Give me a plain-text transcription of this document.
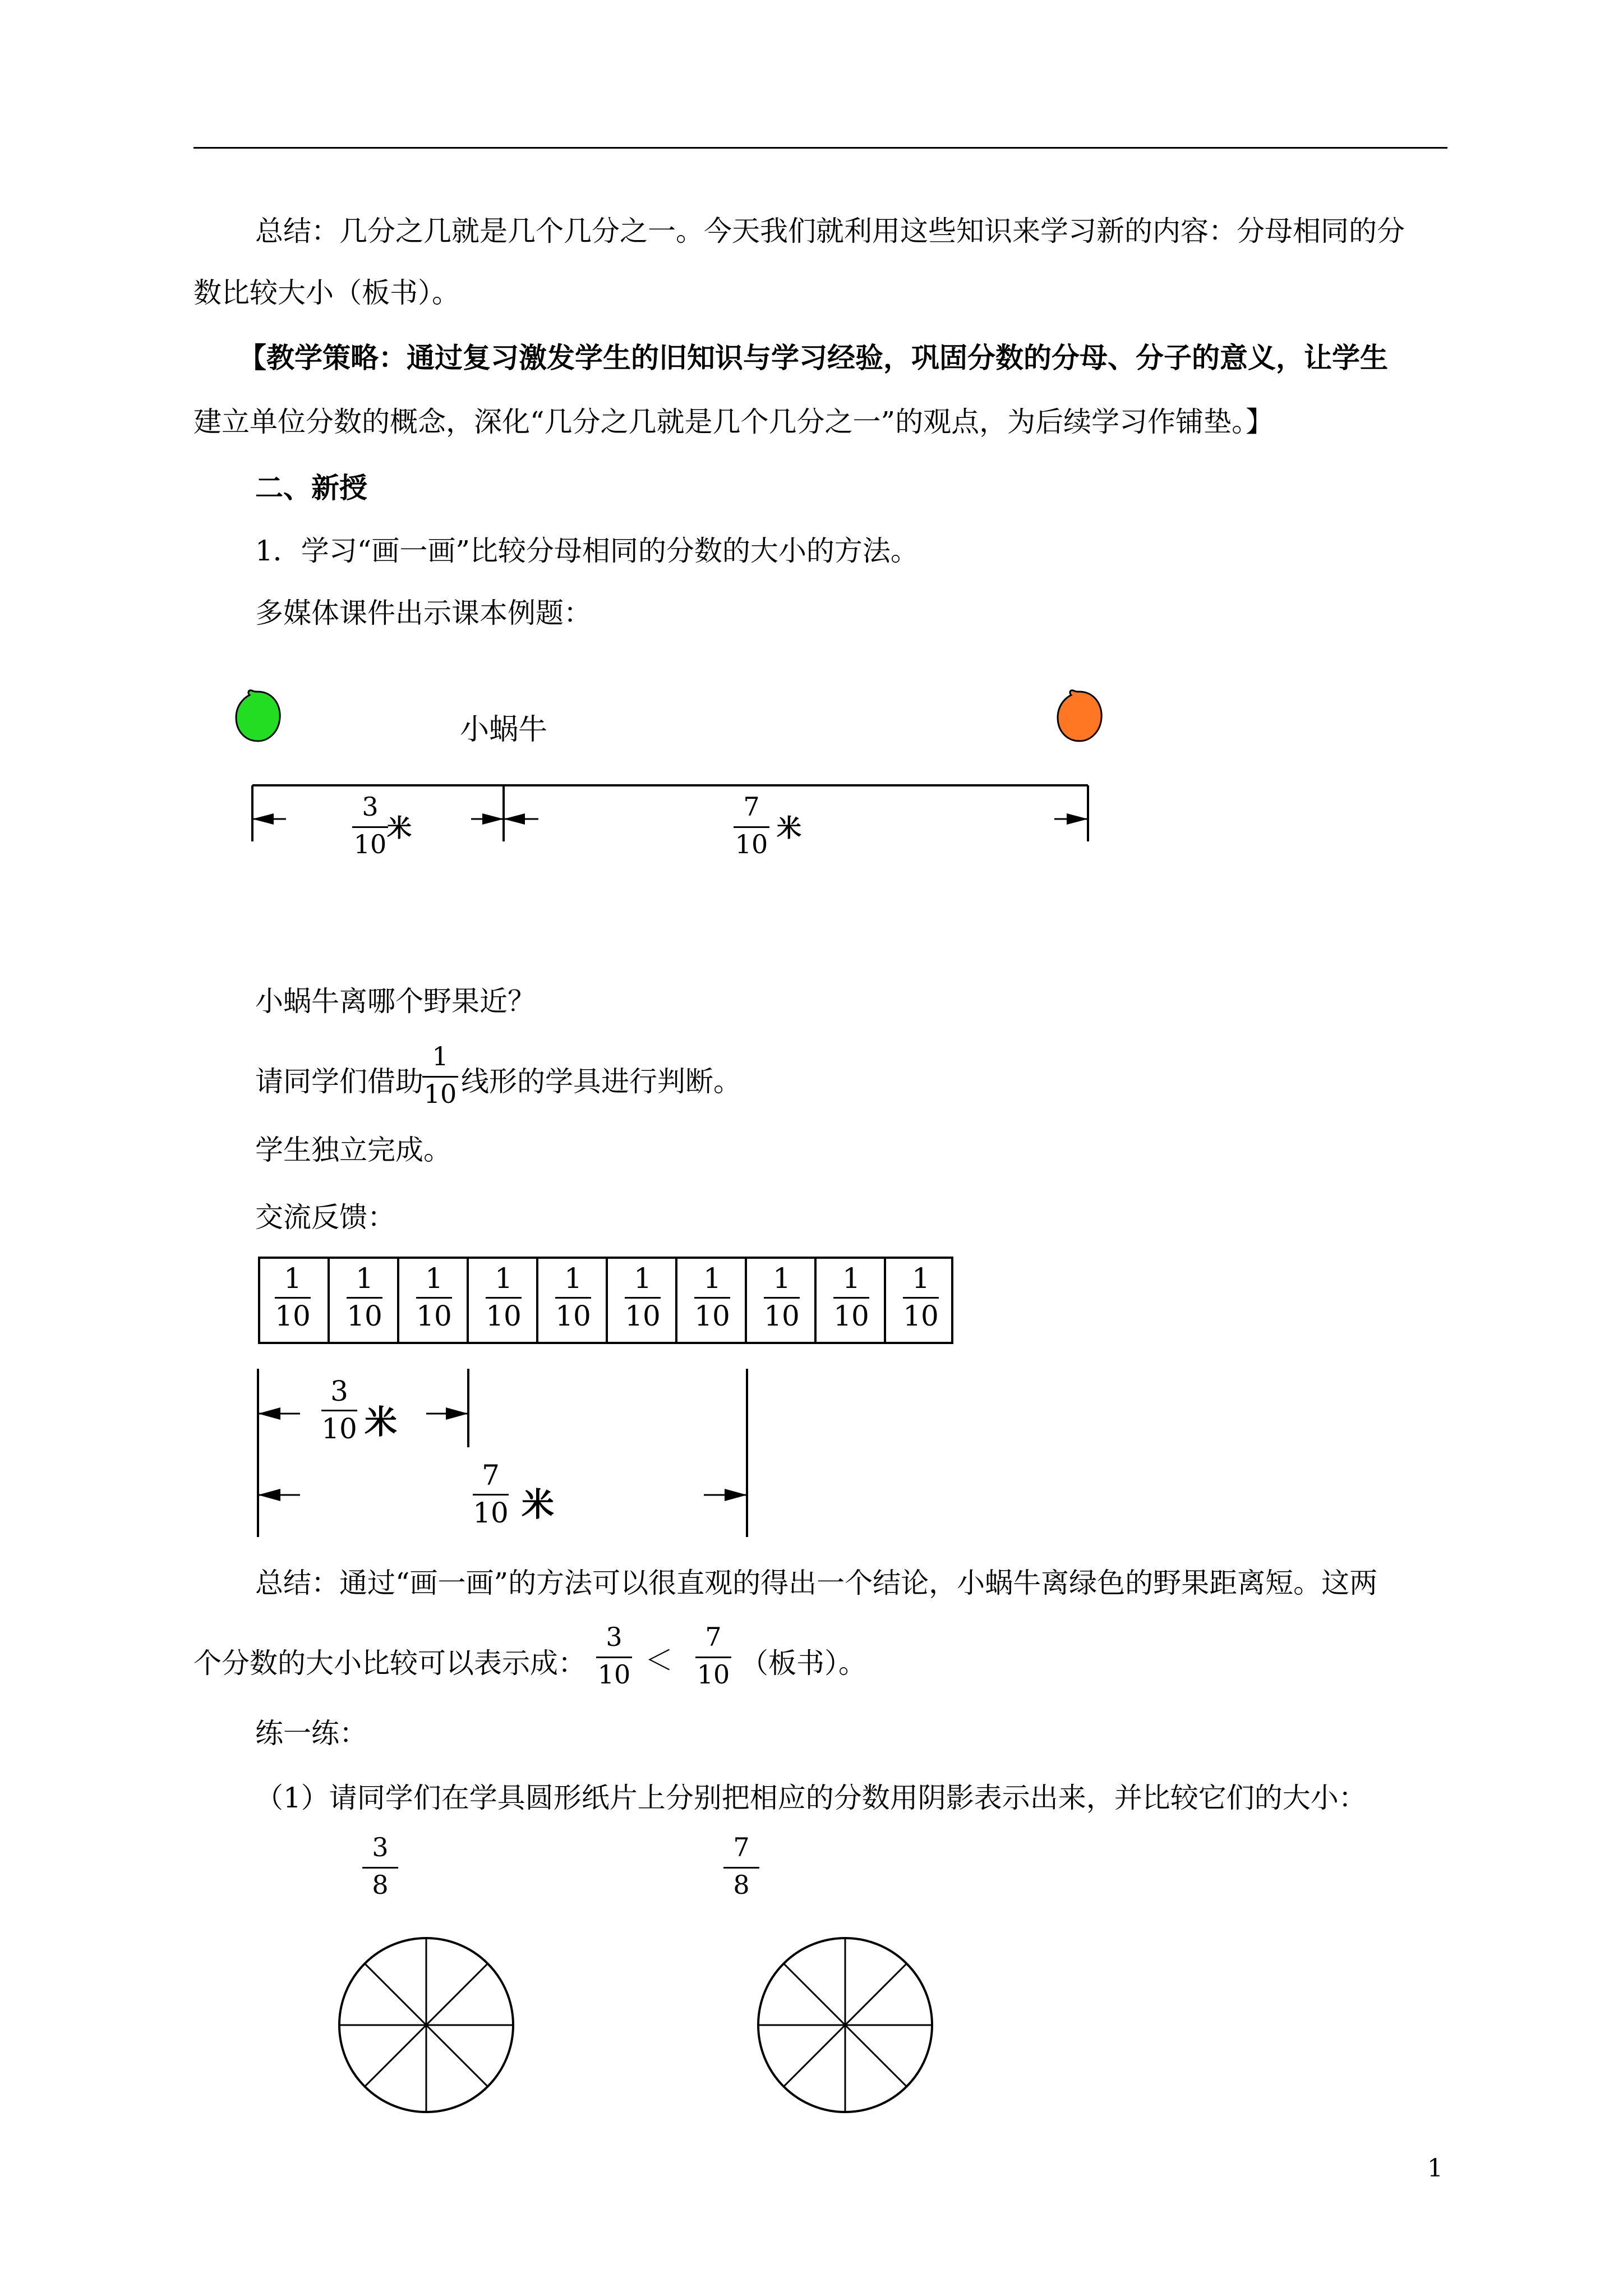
总结：几分之几就是几个几分之一。今天我们就利用这些知识来学习新的内容：分母相同的分
数比较大小（板书）。
【教学策略：通过复习激发学生的旧知识与学习经验，巩固分数的分母、分子的意义，让学生
建立单位分数的概念，深化“几分之几就是几个几分之一”的观点，为后续学习作铺垫。】
二、新授
1．学习“画一画”比较分母相同的分数的大小的方法。
多媒体课件出示课本例题：
小蜗牛
3
10
米
7
10
米
小蜗牛离哪个野果近？
请同学们借助
1
10 线形的学具进行判断。
学生独立完成。
交流反馈：
1
10
1
10
1
10
1
10
1
10
1
10
1
10
1
10
1
10
1
10
3
10 米
7
10 米
总结：通过“画一画”的方法可以很直观的得出一个结论，小蜗牛离绿色的野果距离短。这两
个分数的大小比较可以表示成：
3
10 ＜
7
10 （板书）。
练一练：
（1）请同学们在学具圆形纸片上分别把相应的分数用阴影表示出来，并比较它们的大小：
3
8
7
8
1
